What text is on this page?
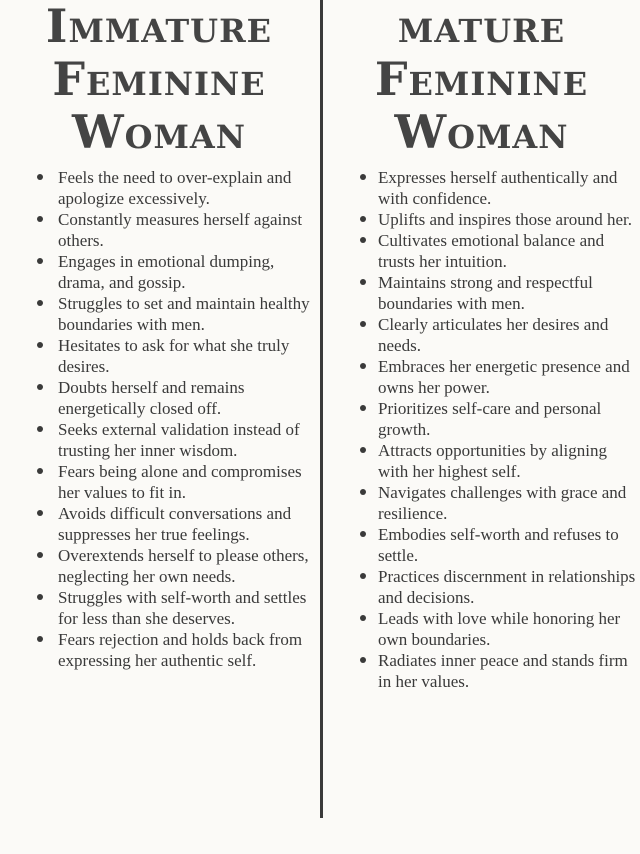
Immature
Feminine
Woman
Feels the need to over-explain and apologize excessively.
Constantly measures herself against others.
Engages in emotional dumping, drama, and gossip.
Struggles to set and maintain healthy boundaries with men.
Hesitates to ask for what she truly desires.
Doubts herself and remains energetically closed off.
Seeks external validation instead of trusting her inner wisdom.
Fears being alone and compromises her values to fit in.
Avoids difficult conversations and suppresses her true feelings.
Overextends herself to please others, neglecting her own needs.
Struggles with self-worth and settles for less than she deserves.
Fears rejection and holds back from expressing her authentic self.
mature
Feminine
Woman
Expresses herself authentically and with confidence.
Uplifts and inspires those around her.
Cultivates emotional balance and trusts her intuition.
Maintains strong and respectful boundaries with men.
Clearly articulates her desires and needs.
Embraces her energetic presence and owns her power.
Prioritizes self-care and personal growth.
Attracts opportunities by aligning with her highest self.
Navigates challenges with grace and resilience.
Embodies self-worth and refuses to settle.
Practices discernment in relationships and decisions.
Leads with love while honoring her own boundaries.
Radiates inner peace and stands firm in her values.
